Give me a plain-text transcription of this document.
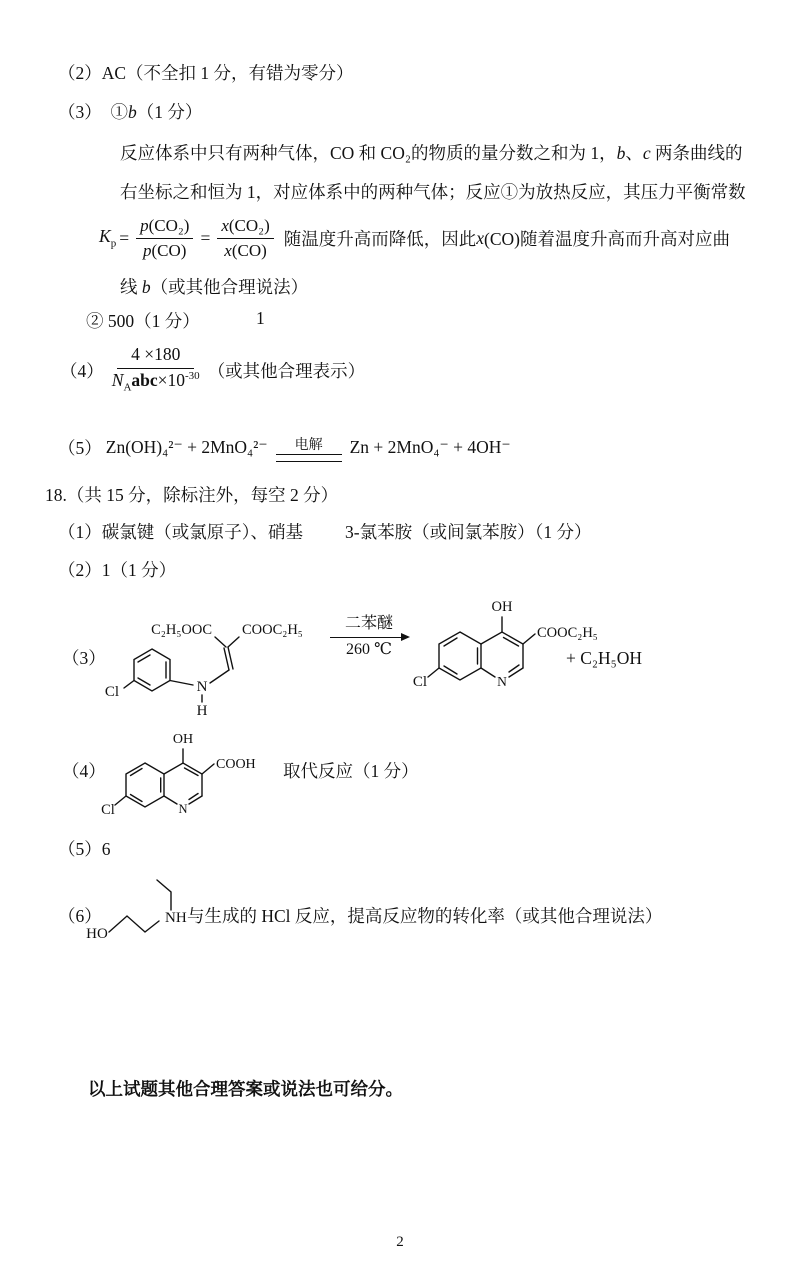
（2）AC（不全扣 1 分，有错为零分）
（3）　①b（1 分）
反应体系中只有两种气体，CO 和 CO₂的物质的量分数之和为 1，b、c 两条曲线的
右坐标之和恒为 1，对应体系中的两种气体；反应①为放热反应，其压力平衡常数
$K_p = \frac{\text{p(CO₂)}}{p(CO)} = \frac{\text{x(CO₂)}}{x(CO)}$ 随温度升高而降低，因此 x (CO)随着温度升高而升高对应曲
线 b（或其他合理说法）
② 500（1 分）	1
$(4) \frac{4 \times 180}{N_Aabc\times 10^{-30}}$ （或其他合理表示）
（5） Zn(OH)₄²⁻ + 2MnO₄²⁻ 电解 Zn + 2MnO₄⁻ + 4OH⁻
18.（共 15 分，除标注外，每空 2 分）
（1）碳氯键（或氯原子）、硝基 3-氯苯胺（或间氯苯胺）（1 分）
（2）1（1 分）
（3）
Cl	N
H
C₂H₅OOC COOC₂H₅	二苯醚
260 ℃
N
OH
COOC₂H₅
Cl
+ C₂H₅OH
（4）
N
OH
COOH
Cl
取代反应（1 分）
（5）6
（6）
HO
NH 与生成的 HCl 反应，提高反应物的转化率（或其他合理说法）
以上试题其他合理答案或说法也可给分。
2
